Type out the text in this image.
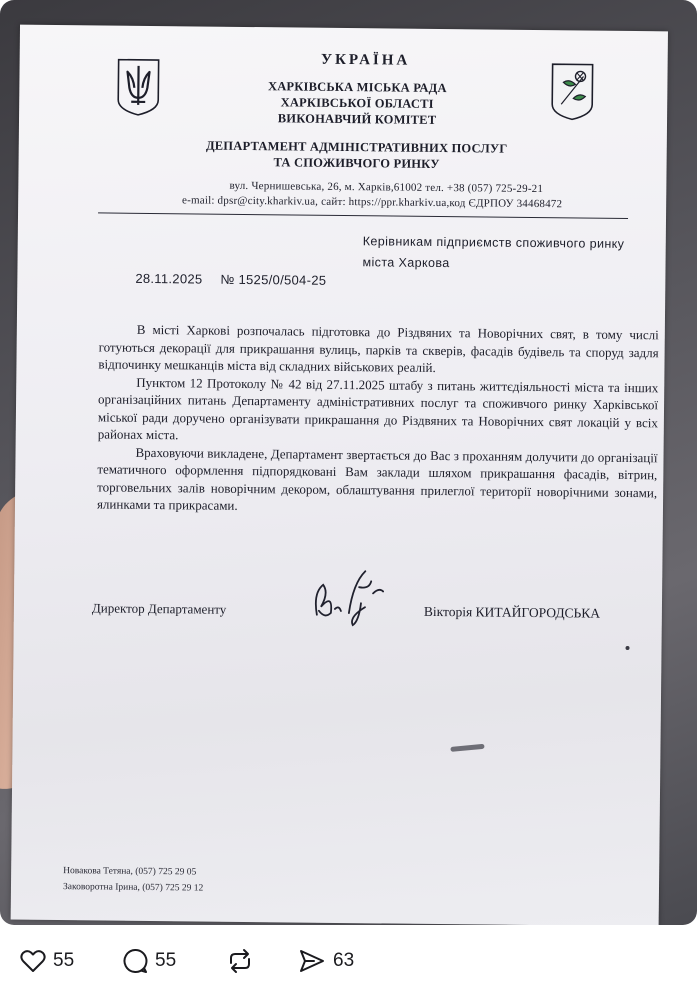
УКРАЇНА
ХАРКІВСЬКА МІСЬКА РАДА
ХАРКІВСЬКОЇ ОБЛАСТІ
ВИКОНАВЧИЙ КОМІТЕТ
ДЕПАРТАМЕНТ АДМІНІСТРАТИВНИХ ПОСЛУГ
ТА СПОЖИВЧОГО РИНКУ
вул. Чернишевська, 26, м. Харків,61002 тел. +38 (057) 725-29-21
e-mail: dpsr@city.kharkiv.ua, сайт: https://ppr.kharkiv.ua,код ЄДРПОУ 34468472
Керівникам підприємств споживчого ринку міста Харкова
28.11.2025 № 1525/0/504-25

В місті Харкові розпочалась підготовка до Різдвяних та Новорічних свят, в тому числі готуються декорації для прикрашання вулиць, парків та скверів, фасадів будівель та споруд задля відпочинку мешканців міста від складних військових реалій.

Пунктом 12 Протоколу № 42 від 27.11.2025 штабу з питань життєдіяльності міста та інших організаційних питань Департаменту адміністративних послуг та споживчого ринку Харківської міської ради доручено організувати прикрашання до Різдвяних та Новорічних свят локацій у всіх районах міста.

Враховуючи викладене, Департамент звертається до Вас з проханням долучити до організації тематичного оформлення підпорядковані Вам заклади шляхом прикрашання фасадів, вітрин, торговельних залів новорічним декором, облаштування прилеглої території новорічними зонами, ялинками та прикрасами.

Директор Департаменту	Вікторія КИТАЙГОРОДСЬКА
Новакова Тетяна, (057) 725 29 05
Заковоротна Ірина, (057) 725 29 12
55	55	63
